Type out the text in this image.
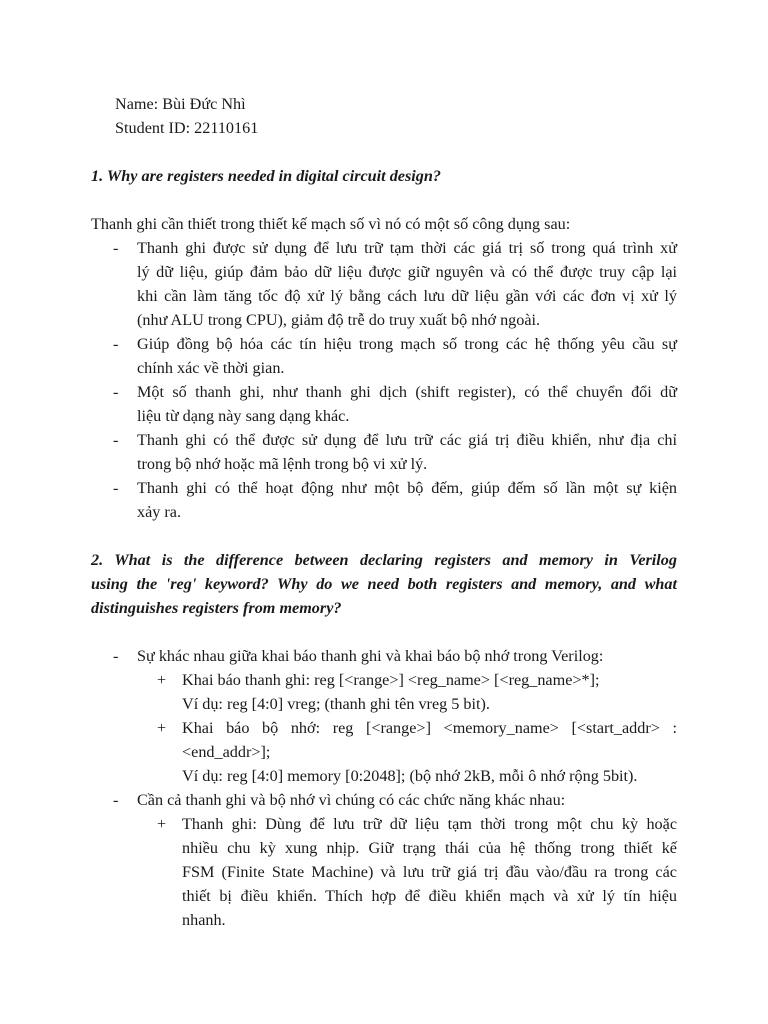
Name: Bùi Đức Nhì

Student ID: 22110161

1. Why are registers needed in digital circuit design?

Thanh ghi cần thiết trong thiết kế mạch số vì nó có một số công dụng sau:

- Thanh ghi được sử dụng để lưu trữ tạm thời các giá trị số trong quá trình xử

lý dữ liệu, giúp đảm bảo dữ liệu được giữ nguyên và có thể được truy cập lại

khi cần làm tăng tốc độ xử lý bằng cách lưu dữ liệu gần với các đơn vị xử lý

(như ALU trong CPU), giảm độ trễ do truy xuất bộ nhớ ngoài.

- Giúp đồng bộ hóa các tín hiệu trong mạch số trong các hệ thống yêu cầu sự

chính xác về thời gian.

- Một số thanh ghi, như thanh ghi dịch (shift register), có thể chuyển đổi dữ

liệu từ dạng này sang dạng khác.

- Thanh ghi có thể được sử dụng để lưu trữ các giá trị điều khiển, như địa chỉ

trong bộ nhớ hoặc mã lệnh trong bộ vi xử lý.

- Thanh ghi có thể hoạt động như một bộ đếm, giúp đếm số lần một sự kiện

xảy ra.

2. What is the difference between declaring registers and memory in Verilog

using the 'reg' keyword? Why do we need both registers and memory, and what

distinguishes registers from memory?

- Sự khác nhau giữa khai báo thanh ghi và khai báo bộ nhớ trong Verilog:

+ Khai báo thanh ghi: reg [<range>] <reg_name> [<reg_name>*];

Ví dụ: reg [4:0] vreg; (thanh ghi tên vreg 5 bit).

+ Khai báo bộ nhớ: reg [<range>] <memory_name> [<start_addr> :

<end_addr>];

Ví dụ: reg [4:0] memory [0:2048]; (bộ nhớ 2kB, mỗi ô nhớ rộng 5bit).

- Cần cả thanh ghi và bộ nhớ vì chúng có các chức năng khác nhau:

+ Thanh ghi: Dùng để lưu trữ dữ liệu tạm thời trong một chu kỳ hoặc

nhiều chu kỳ xung nhịp. Giữ trạng thái của hệ thống trong thiết kế

FSM (Finite State Machine) và lưu trữ giá trị đầu vào/đầu ra trong các

thiết bị điều khiển. Thích hợp để điều khiển mạch và xử lý tín hiệu

nhanh.
